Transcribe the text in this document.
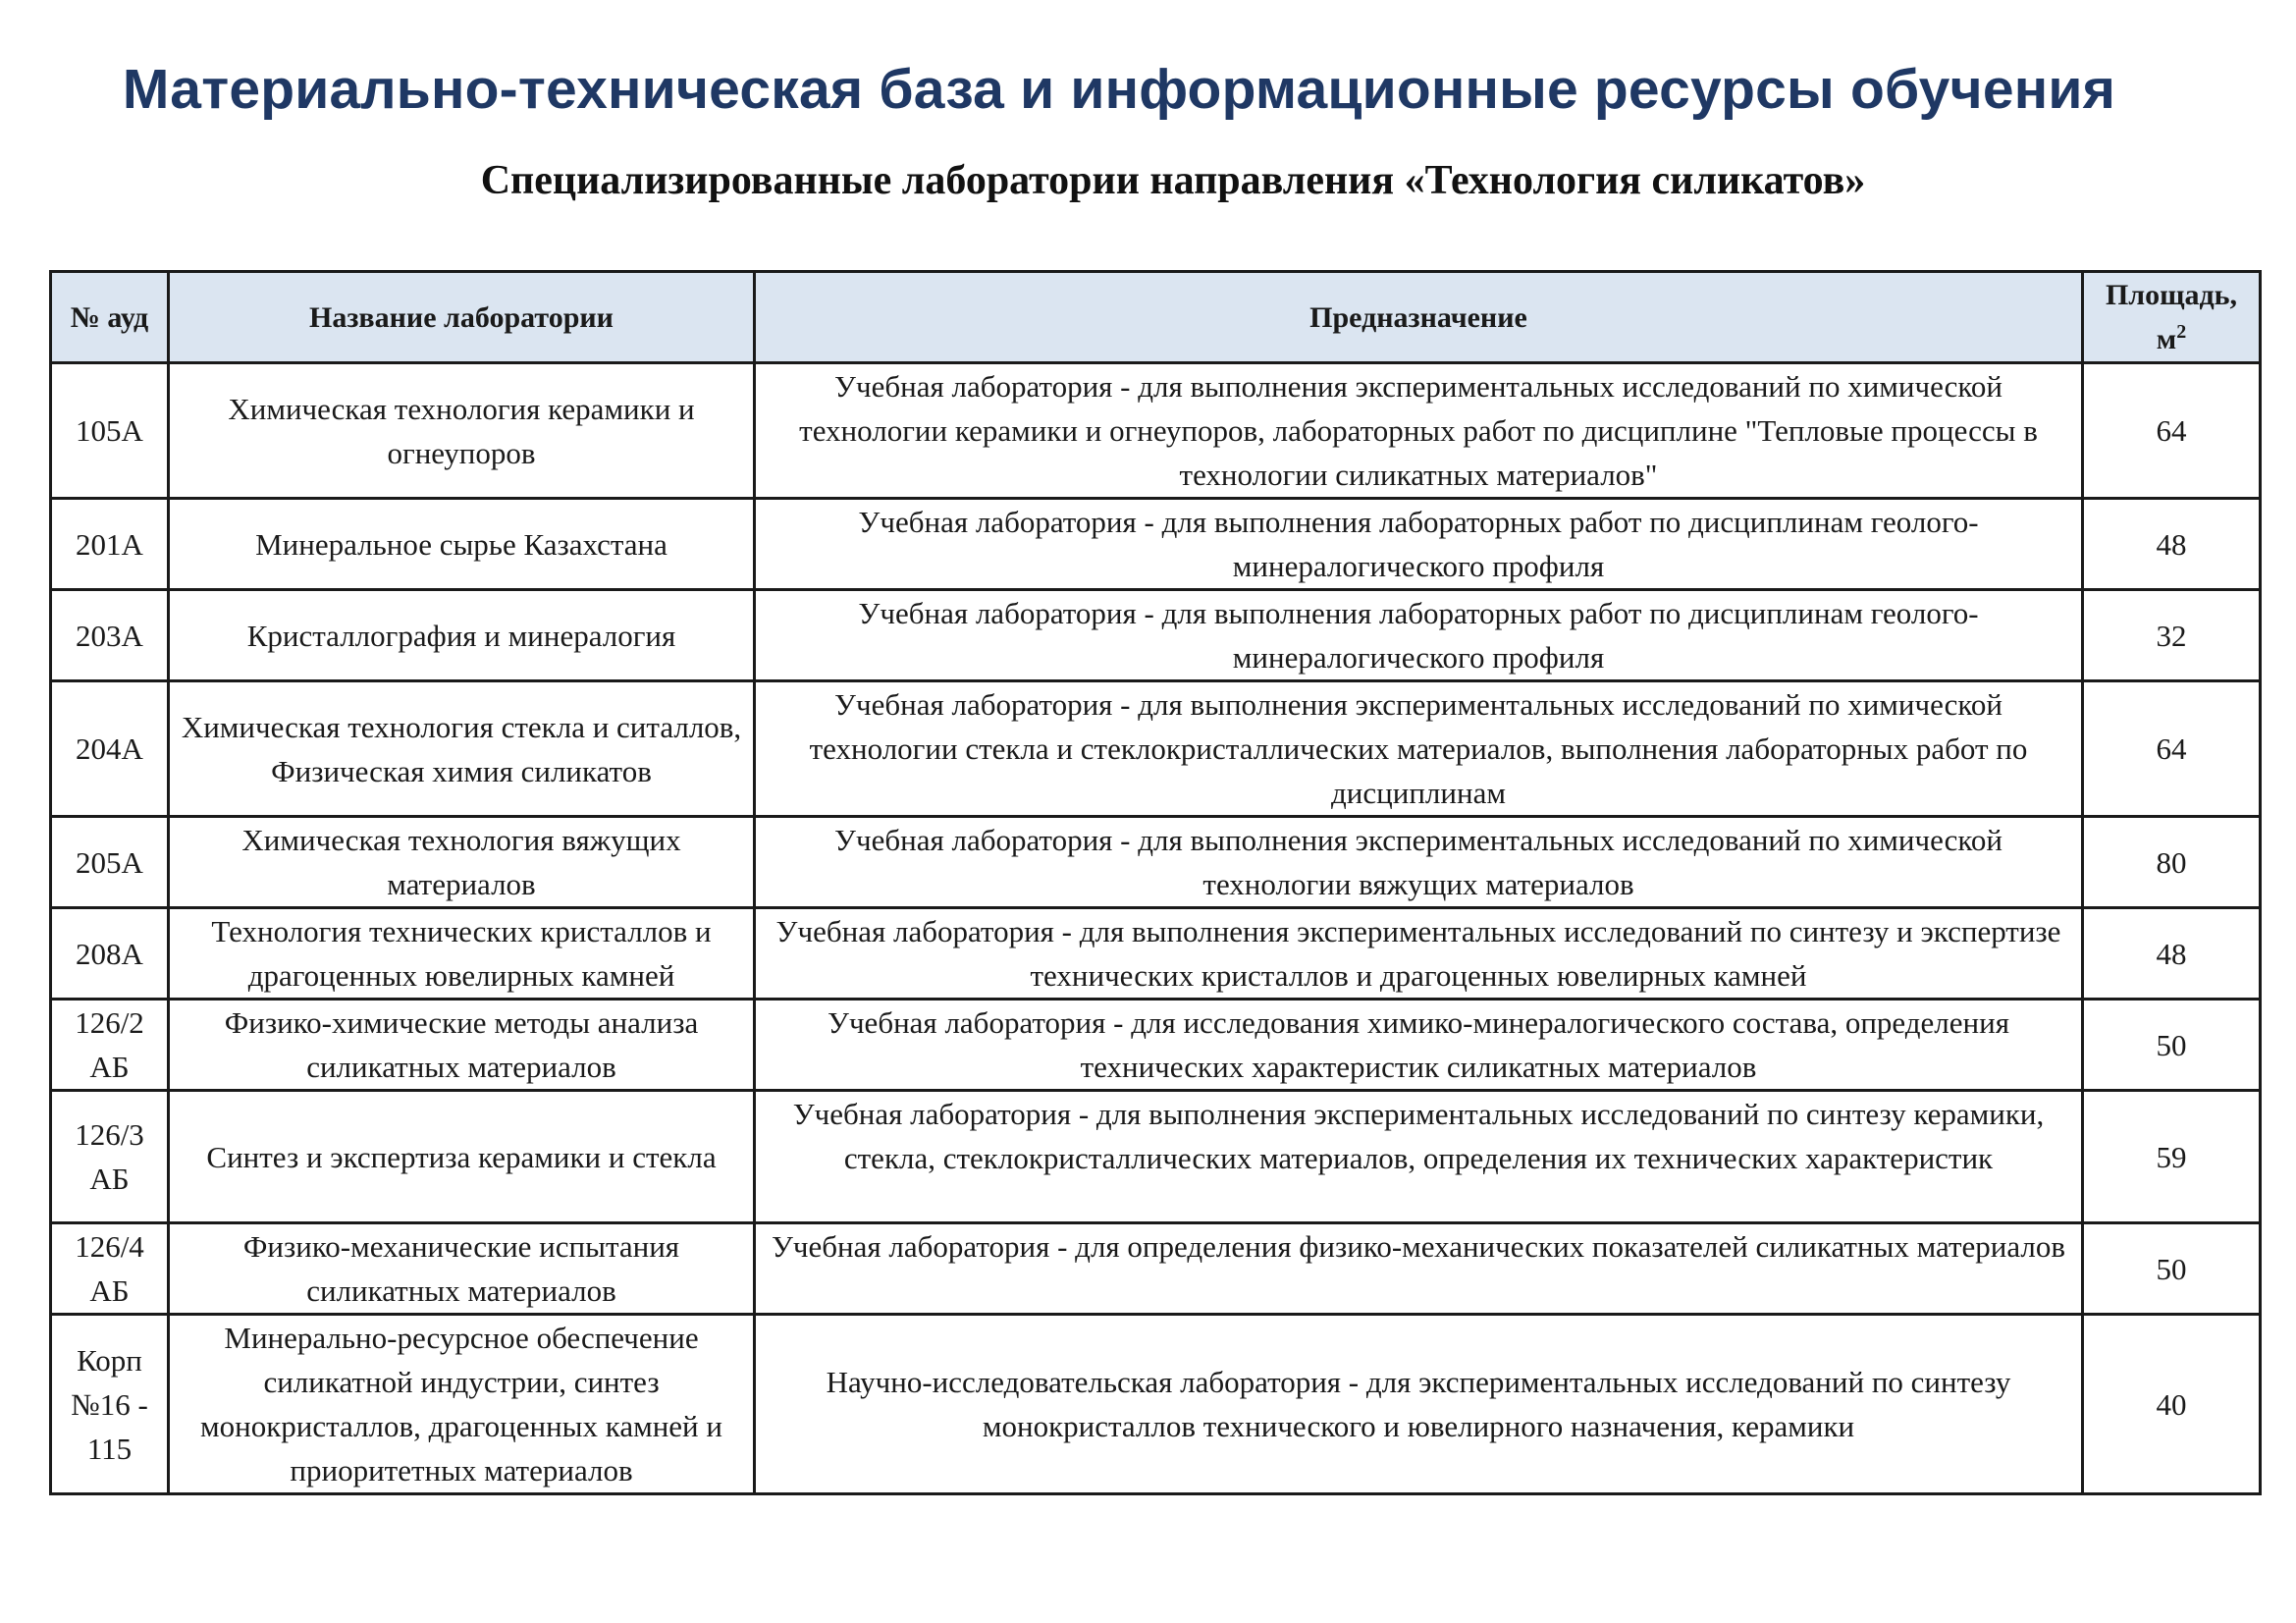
Материально-техническая база и информационные ресурсы обучения
Специализированные лаборатории направления «Технология силикатов»
№ ауд	Название лаборатории	Предназначение	Площадь, $м^2$
105А	Химическая технология керамики и огнеупоров	Учебная лаборатория - для выполнения экспериментальных исследований по химической технологии керамики и огнеупоров, лабораторных работ по дисциплине "Тепловые процессы в технологии силикатных материалов"	64
201А	Минеральное сырье Казахстана	Учебная лаборатория - для выполнения лабораторных работ по дисциплинам геолого-минералогического профиля	48
203А	Кристаллография и минералогия	Учебная лаборатория - для выполнения лабораторных работ по дисциплинам геолого-минералогического профиля	32
204А	Химическая технология стекла и ситаллов, Физическая химия силикатов	Учебная лаборатория - для выполнения экспериментальных исследований по химической технологии стекла и стеклокристаллических материалов, выполнения лабораторных работ по дисциплинам	64
205А	Химическая технология вяжущих материалов	Учебная лаборатория - для выполнения экспериментальных исследований по химической технологии вяжущих материалов	80
208А	Технология технических кристаллов и драгоценных ювелирных камней	Учебная лаборатория - для выполнения экспериментальных исследований по синтезу и экспертизе технических кристаллов и драгоценных ювелирных камней	48
126/2 АБ	Физико-химические методы анализа силикатных материалов	Учебная лаборатория - для исследования химико-минералогического состава, определения технических характеристик силикатных материалов	50
126/3 АБ	Синтез и экспертиза керамики и стекла	Учебная лаборатория - для выполнения экспериментальных исследований по синтезу керамики, стекла, стеклокристаллических материалов, определения их технических характеристик	59
126/4 АБ	Физико-механические испытания силикатных материалов	Учебная лаборатория - для определения физико-механических показателей силикатных материалов	50
Корп №16 - 115	Минерально-ресурсное обеспечение силикатной индустрии, синтез монокристаллов, драгоценных камней и приоритетных материалов	Научно-исследовательская лаборатория - для экспериментальных исследований по синтезу монокристаллов технического и ювелирного назначения, керамики	40
